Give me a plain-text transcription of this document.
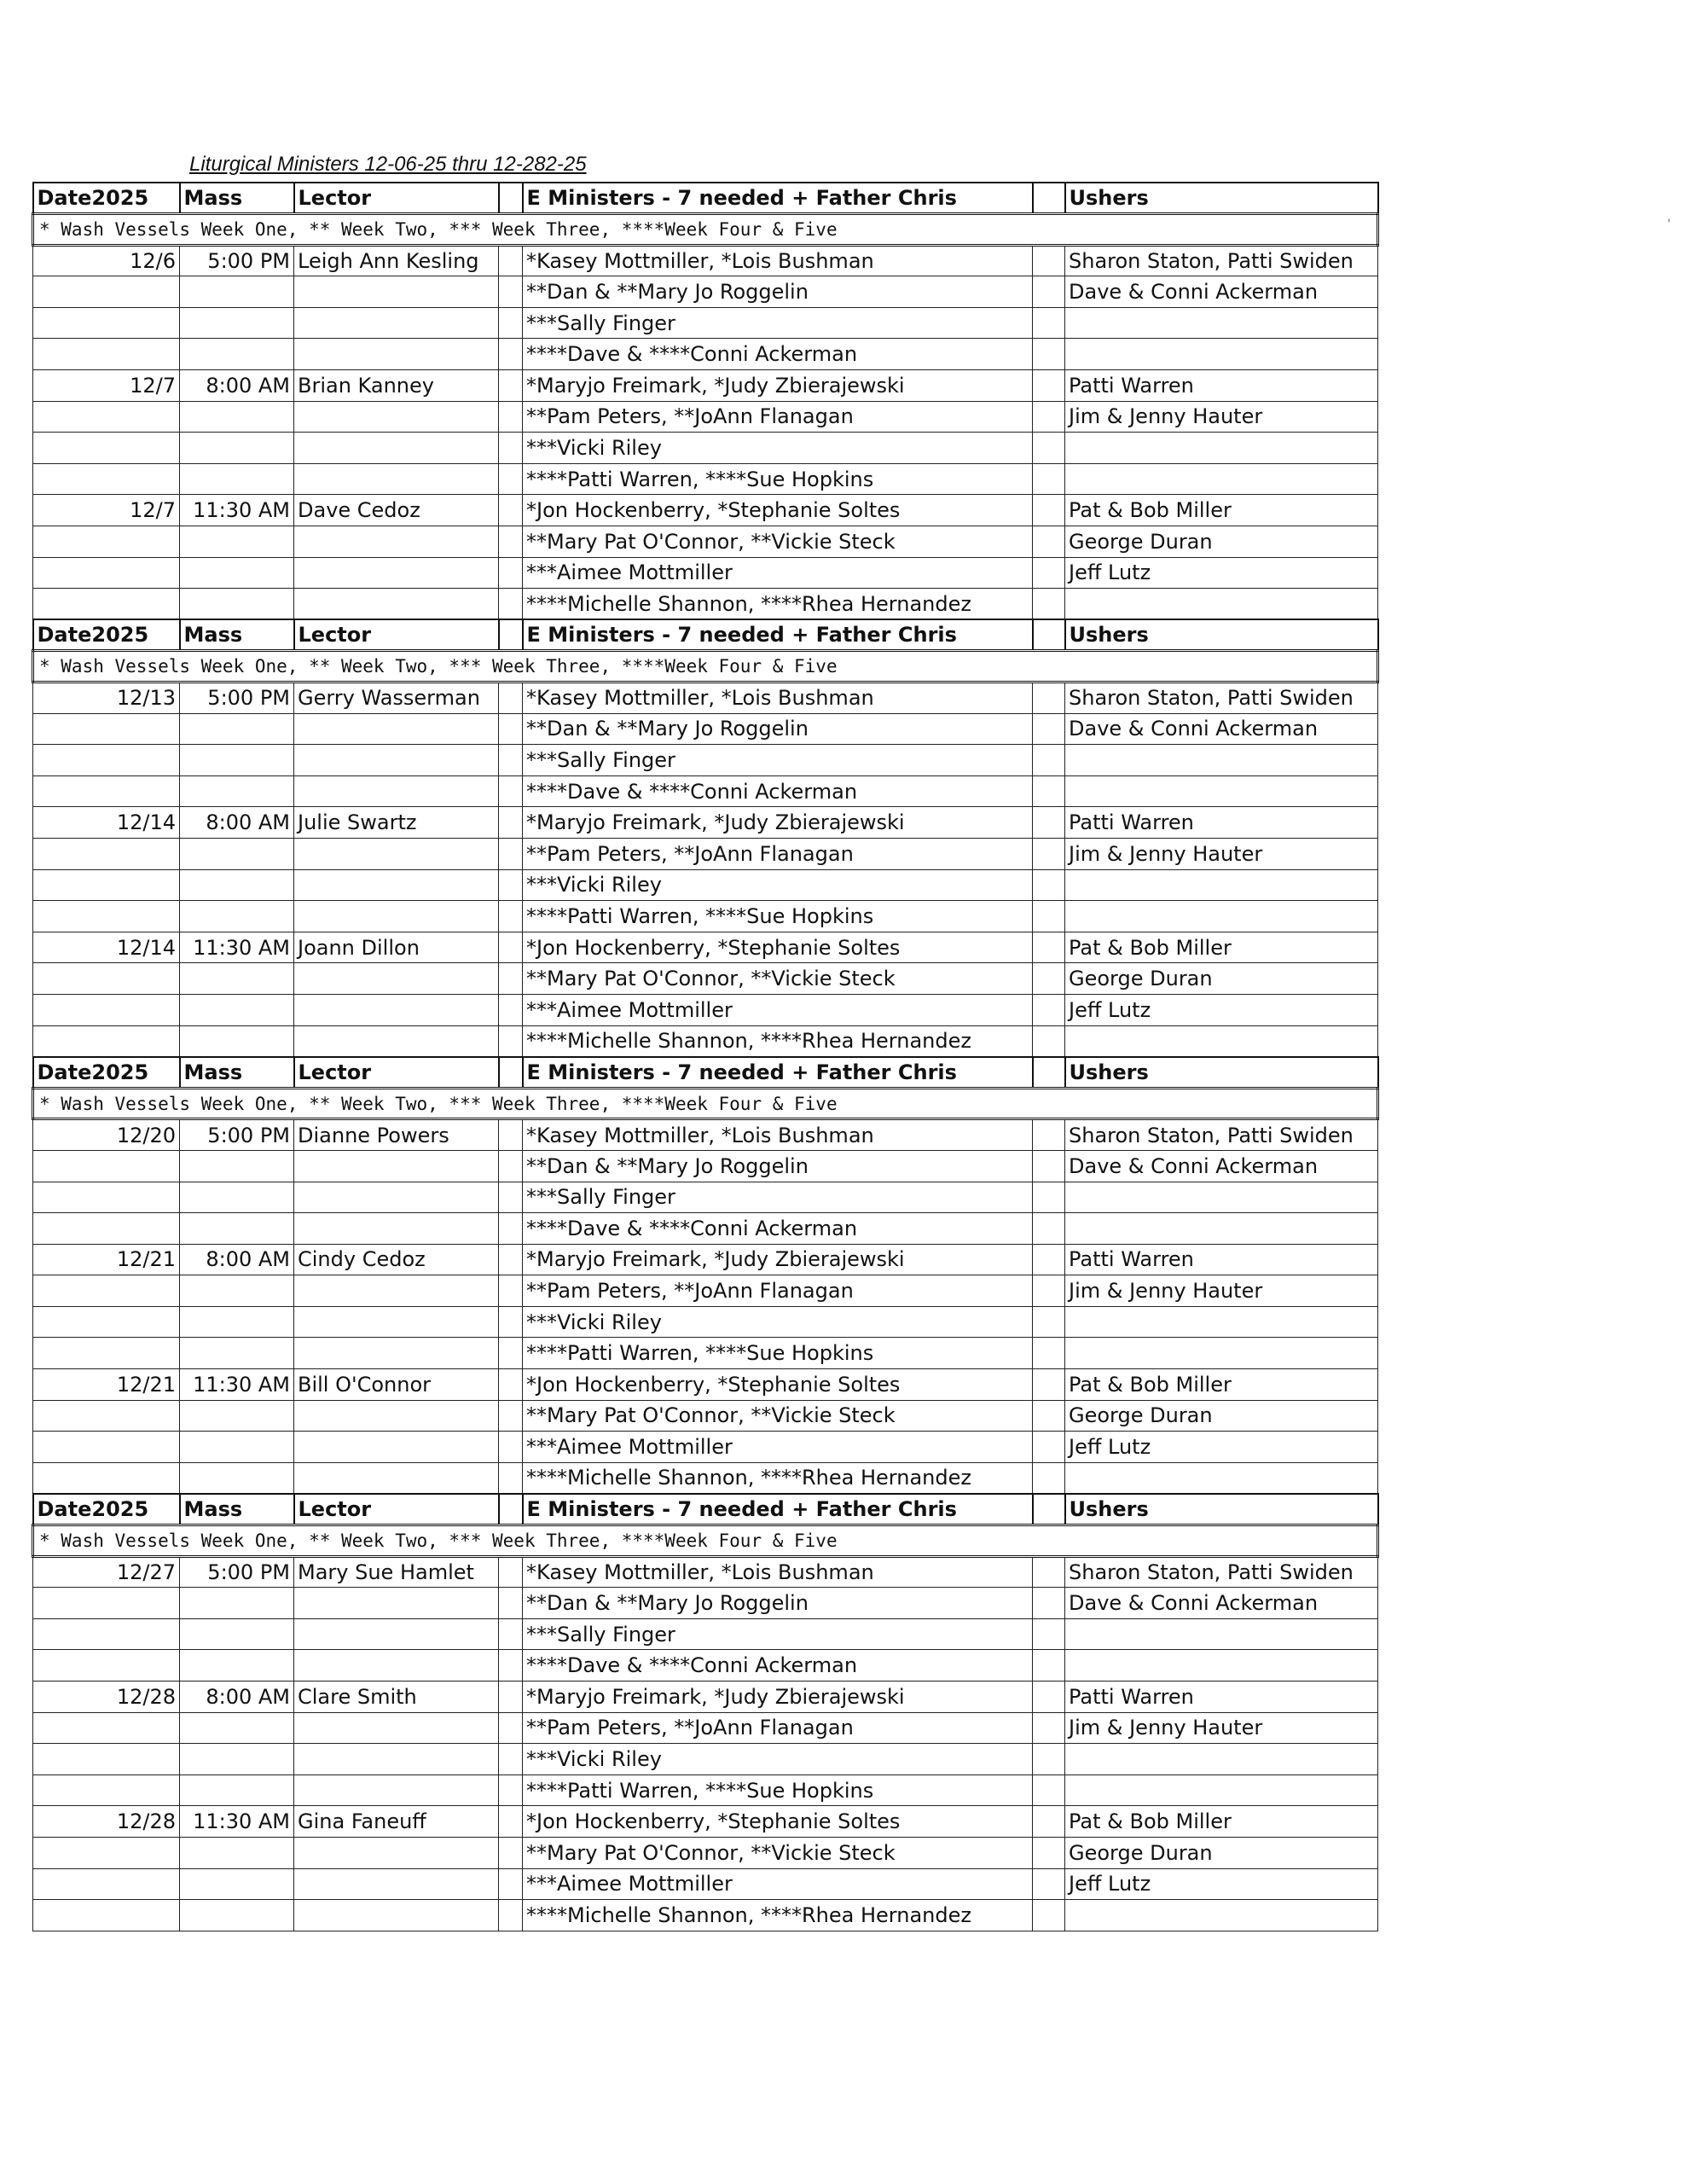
Liturgical Ministers 12-06-25 thru 12-282-25
'
Date2025	Mass	Lector		E Ministers - 7 needed + Father Chris		Ushers
* Wash Vessels Week One, ** Week Two, *** Week Three, ****Week Four & Five						
12/6	5:00 PM	Leigh Ann Kesling		*Kasey Mottmiller, *Lois Bushman		Sharon Staton, Patti Swiden
				**Dan & **Mary Jo Roggelin		Dave & Conni Ackerman
				***Sally Finger		
				****Dave & ****Conni Ackerman		
12/7	8:00 AM	Brian Kanney		*Maryjo Freimark, *Judy Zbierajewski		Patti Warren
				**Pam Peters, **JoAnn Flanagan		Jim & Jenny Hauter
				***Vicki Riley		
				****Patti Warren, ****Sue Hopkins		
12/7	11:30 AM	Dave Cedoz		*Jon Hockenberry, *Stephanie Soltes		Pat & Bob Miller
				**Mary Pat O'Connor, **Vickie Steck		George Duran
				***Aimee Mottmiller		Jeff Lutz
				****Michelle Shannon, ****Rhea Hernandez		
Date2025	Mass	Lector		E Ministers - 7 needed + Father Chris		Ushers
* Wash Vessels Week One, ** Week Two, *** Week Three, ****Week Four & Five						
12/13	5:00 PM	Gerry Wasserman		*Kasey Mottmiller, *Lois Bushman		Sharon Staton, Patti Swiden
				**Dan & **Mary Jo Roggelin		Dave & Conni Ackerman
				***Sally Finger		
				****Dave & ****Conni Ackerman		
12/14	8:00 AM	Julie Swartz		*Maryjo Freimark, *Judy Zbierajewski		Patti Warren
				**Pam Peters, **JoAnn Flanagan		Jim & Jenny Hauter
				***Vicki Riley		
				****Patti Warren, ****Sue Hopkins		
12/14	11:30 AM	Joann Dillon		*Jon Hockenberry, *Stephanie Soltes		Pat & Bob Miller
				**Mary Pat O'Connor, **Vickie Steck		George Duran
				***Aimee Mottmiller		Jeff Lutz
				****Michelle Shannon, ****Rhea Hernandez		
Date2025	Mass	Lector		E Ministers - 7 needed + Father Chris		Ushers
* Wash Vessels Week One, ** Week Two, *** Week Three, ****Week Four & Five						
12/20	5:00 PM	Dianne Powers		*Kasey Mottmiller, *Lois Bushman		Sharon Staton, Patti Swiden
				**Dan & **Mary Jo Roggelin		Dave & Conni Ackerman
				***Sally Finger		
				****Dave & ****Conni Ackerman		
12/21	8:00 AM	Cindy Cedoz		*Maryjo Freimark, *Judy Zbierajewski		Patti Warren
				**Pam Peters, **JoAnn Flanagan		Jim & Jenny Hauter
				***Vicki Riley		
				****Patti Warren, ****Sue Hopkins		
12/21	11:30 AM	Bill O'Connor		*Jon Hockenberry, *Stephanie Soltes		Pat & Bob Miller
				**Mary Pat O'Connor, **Vickie Steck		George Duran
				***Aimee Mottmiller		Jeff Lutz
				****Michelle Shannon, ****Rhea Hernandez		
Date2025	Mass	Lector		E Ministers - 7 needed + Father Chris		Ushers
* Wash Vessels Week One, ** Week Two, *** Week Three, ****Week Four & Five						
12/27	5:00 PM	Mary Sue Hamlet		*Kasey Mottmiller, *Lois Bushman		Sharon Staton, Patti Swiden
				**Dan & **Mary Jo Roggelin		Dave & Conni Ackerman
				***Sally Finger		
				****Dave & ****Conni Ackerman		
12/28	8:00 AM	Clare Smith		*Maryjo Freimark, *Judy Zbierajewski		Patti Warren
				**Pam Peters, **JoAnn Flanagan		Jim & Jenny Hauter
				***Vicki Riley		
				****Patti Warren, ****Sue Hopkins		
12/28	11:30 AM	Gina Faneuff		*Jon Hockenberry, *Stephanie Soltes		Pat & Bob Miller
				**Mary Pat O'Connor, **Vickie Steck		George Duran
				***Aimee Mottmiller		Jeff Lutz
				****Michelle Shannon, ****Rhea Hernandez		
